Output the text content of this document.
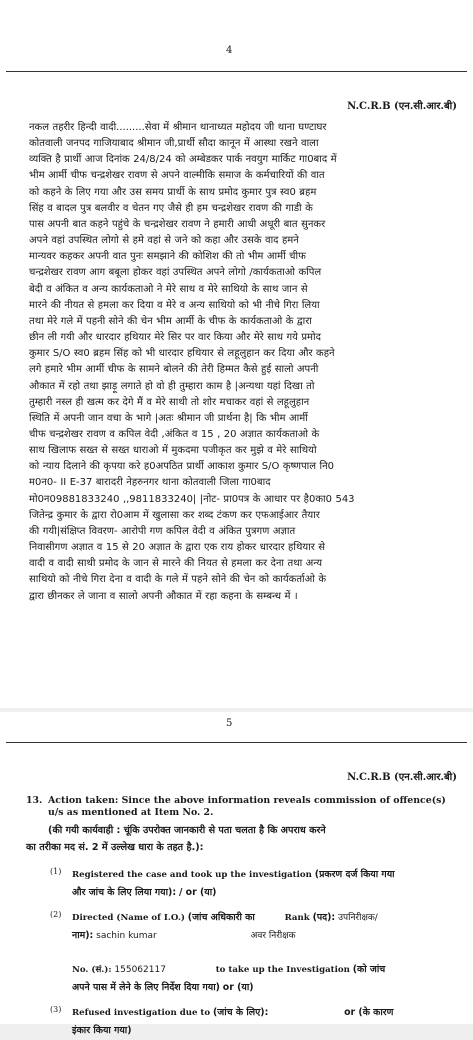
4
N.C.R.B (एन.सी.आर.बी)
नकल तहरीर हिन्दी वादी.........सेवा में श्रीमान थानाध्यत महोदय जी थाना घण्टाघर
कोतवाली जनपद गाजियाबाद श्रीमान जी,प्रार्थी सौदा कानून में आस्था रखने वाला
व्यक्ति है प्रार्थी आज दिनांक 24/8/24 को अम्बेडकर पार्क नवयुग मार्किट गा0बाद में
भीम आर्मी चीफ चन्द्रशेखर रावण से अपने वाल्मीकि समाज के कर्मचारियों की वात
को कहने के लिए गया और उस समय प्रार्थी के साथ प्रमोद कुमार पुत्र स्व0 ब्रहम
सिंह व बादल पुत्र बलवीर व चेतन गए जैसे ही हम चन्द्रशेखर रावण की गाडी के
पास अपनी बात कहने पहुंचे के चन्द्रशेखर रावण ने हमारी आधी अधूरी बात सुनकर
अपने वहां उपस्थित लोगो से हमे वहां से जने को कहा और उसके वाद हमने
मान्यवर कहकर अपनी वात पुनः समझाने की कोशिश की तो भीम आर्मी चीफ
चन्द्रशेखर रावण आग बबूला होकर वहां उपस्थित अपने लोगो /कार्यकताओ कपिल
बेदी व अंकित व अन्य कार्यकताओ ने मेरे साथ व मेरे साथियो के साथ जान से
मारने की नीयत से हमला कर दिया व मेरे व अन्य साथियो को भी नीचे गिरा लिया
तथा मेरे गले में पहनी सोने की चेन भीम आर्मी के चीफ के कार्यकताओ के द्वारा
छीन ली गयी और धारदार हथियार मेरे सिर पर वार किया और मेरे साथ गये प्रमोद
कुमार S/O स्व0 ब्रहम सिंह को भी धारदार हथियार से लहूलुहान कर दिया और कहने
लगे हमारे भीम आर्मी चीफ के सामने बोलने की तेरी हिम्मत कैसे हुई सालो अपनी
औकात में रहो तथा झाड़ू लगाते हो वो ही तुम्हारा काम है |अन्यथा यहां दिखा तो
तुम्हारी नस्ल ही खत्म कर देगे मैं व मेरे साथी तो शोर मचाकर वहां से लहूलुहान
स्थिति में अपनी जान वचा के भागे |अतः श्रीमान जी प्रार्थना है| कि भीम आर्मी
चीफ चन्द्रशेखर रावण व कपिल वेदी ,अंकित व 15 , 20 अज्ञात कार्यकताओ के
साथ खिलाफ सख्त से सख्त धाराओ में मुकदमा पजीकृत कर मुझे व मेरे साथियो
को न्याय दिलाने की कृपया करे ह0अपठित प्रार्थी आकाश कुमार S/O कृष्णपाल नि0
म0न0- II E-37 बारादरी नेहरुनगर थाना कोतवाली जिला गा0बाद
मो0न09881833240 ,,9811833240| |नोट- प्रा0पत्र के आधार पर है0का0 543
जितेन्द्र कुमार के द्वारा रो0आम में खुलासा कर शब्द टंकण कर एफआईआर तैयार
की गयी|संक्षिप्त विवरण- आरोपी गण कपिल वेदी व अंकित पुत्रगण अज्ञात
निवासीगण अज्ञात व 15 से 20 अज्ञात के द्वारा एक राय होकर धारदार हथियार से
वादी व वादी साथी प्रमोद के जान से मारने की नियत से हमला कर देना तथा अन्य
साथियो को नीचे गिरा देना व वादी के गले में पहने सोने की चेन को कार्यकर्ताओ के
द्वारा छीनकर ले जाना व सालो अपनी औकात में रहा कहना के सम्बन्ध में ।
5
N.C.R.B (एन.सी.आर.बी)
13. Action taken: Since the above information reveals commission of offence(s)
u/s as mentioned at Item No. 2.
(की गयी कार्यवाही : चूंकि उपरोक्त जानकारी से पता चलता है कि अपराध करने
का तरीका मद सं. 2 में उल्लेख धारा के तहत है.):
(1) Registered the case and took up the investigation (प्रकरण दर्ज किया गया
और जांच के लिए लिया गया): / or (या)
(2) Directed (Name of I.O.) (जांच अधिकारी का	Rank (पद): उपनिरीक्षक/
नाम): sachin kumar	अवर निरीक्षक
No. (सं.): 155062117	to take up the Investigation (को जांच
अपने पास में लेने के लिए निर्देश दिया गया) or (या)
(3) Refused investigation due to (जांच के लिए):	or (के कारण
इंकार किया गया)
